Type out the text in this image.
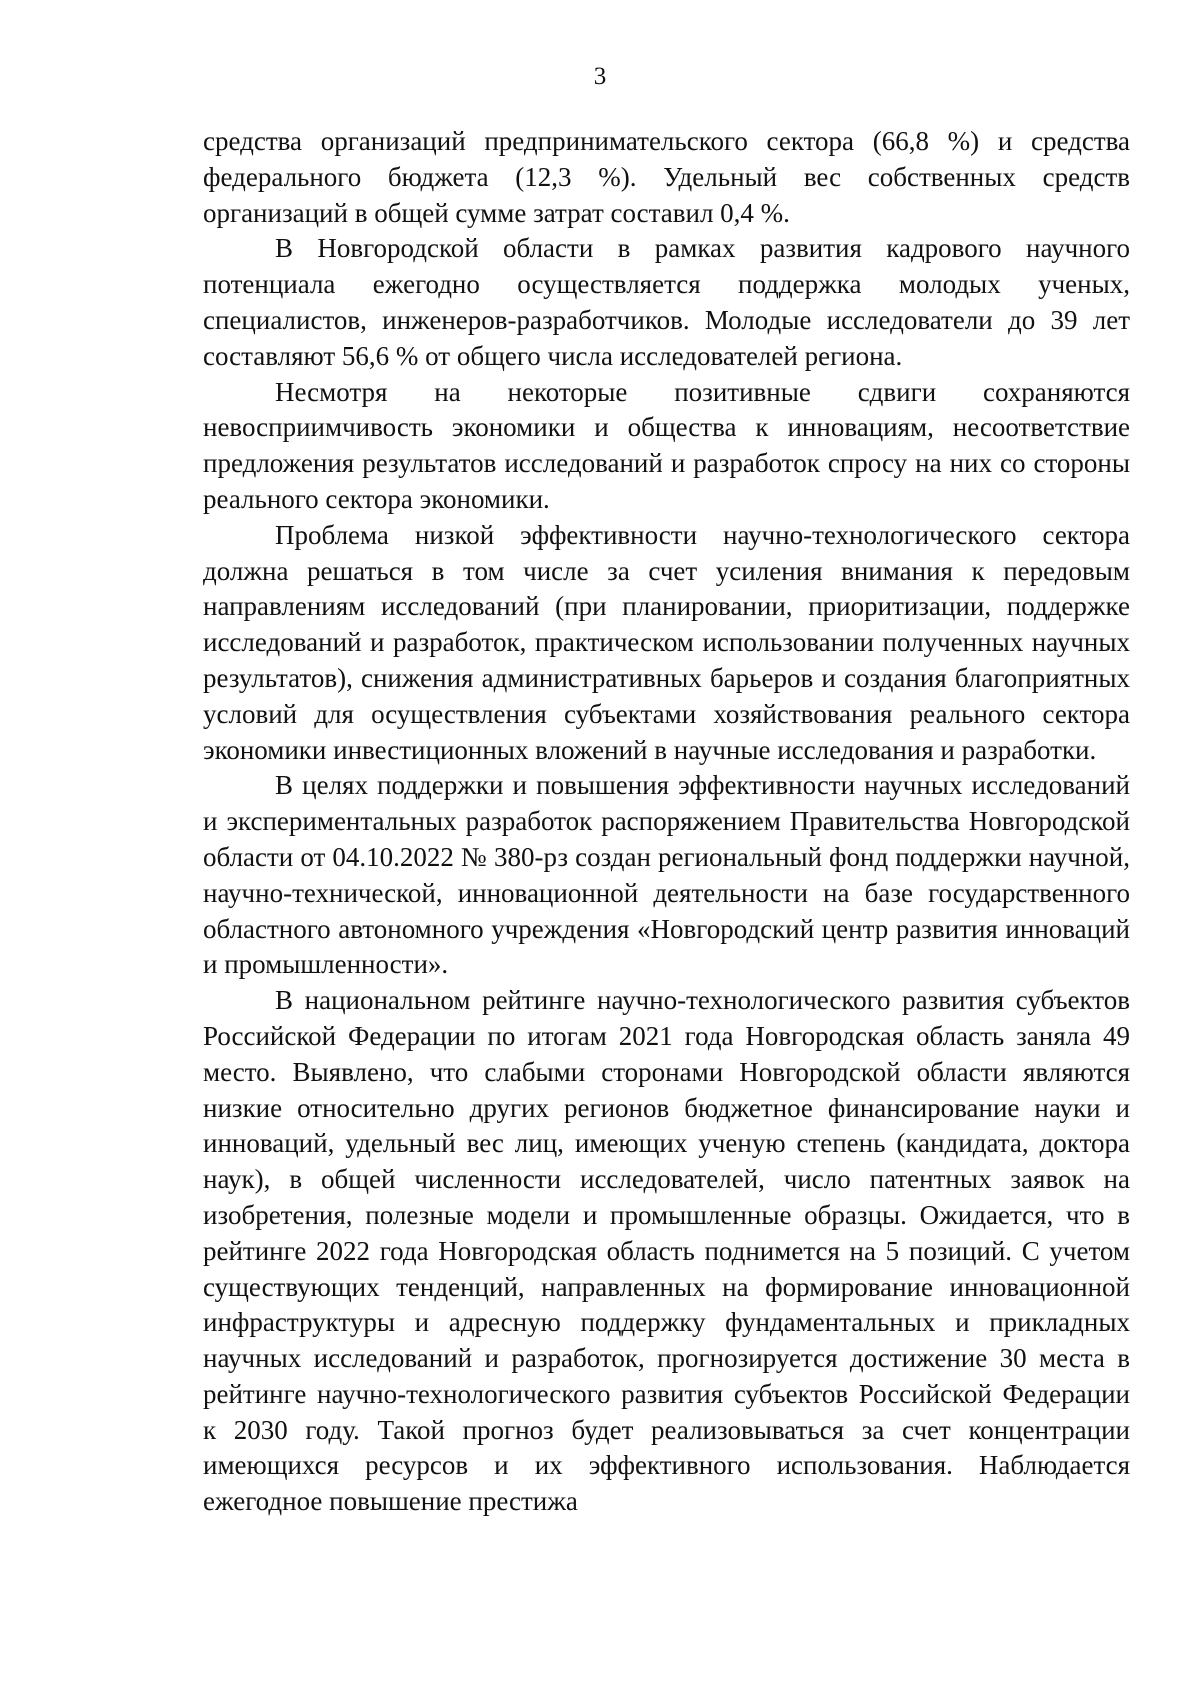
3

средства организаций предпринимательского сектора (66,8 %) и средства федерального бюджета (12,3 %). Удельный вес собственных средств организаций в общей сумме затрат составил 0,4 %.

В Новгородской области в рамках развития кадрового научного потенциала ежегодно осуществляется поддержка молодых ученых, специалистов, инженеров-разработчиков. Молодые исследователи до 39 лет составляют 56,6 % от общего числа исследователей региона.

Несмотря на некоторые позитивные сдвиги сохраняются невосприимчивость экономики и общества к инновациям, несоответствие предложения результатов исследований и разработок спросу на них со стороны реального сектора экономики.

Проблема низкой эффективности научно-технологического сектора должна решаться в том числе за счет усиления внимания к передовым направлениям исследований (при планировании, приоритизации, поддержке исследований и разработок, практическом использовании полученных научных результатов), снижения административных барьеров и создания благоприятных условий для осуществления субъектами хозяйствования реального сектора экономики инвестиционных вложений в научные исследования и разработки.

В целях поддержки и повышения эффективности научных исследований и экспериментальных разработок распоряжением Правительства Новгородской области от 04.10.2022 № 380-рз создан региональный фонд поддержки научной, научно-технической, инновационной деятельности на базе государственного областного автономного учреждения «Новгородский центр развития инноваций и промышленности».

В национальном рейтинге научно-технологического развития субъектов Российской Федерации по итогам 2021 года Новгородская область заняла 49 место. Выявлено, что слабыми сторонами Новгородской области являются низкие относительно других регионов бюджетное финансирование науки и инноваций, удельный вес лиц, имеющих ученую степень (кандидата, доктора наук), в общей численности исследователей, число патентных заявок на изобретения, полезные модели и промышленные образцы. Ожидается, что в рейтинге 2022 года Новгородская область поднимется на 5 позиций. С учетом существующих тенденций, направленных на формирование инновационной инфраструктуры и адресную поддержку фундаментальных и прикладных научных исследований и разработок, прогнозируется достижение 30 места в рейтинге научно-технологического развития субъектов Российской Федерации к 2030 году. Такой прогноз будет реализовываться за счет концентрации имеющихся ресурсов и их эффективного использования. Наблюдается ежегодное повышение престижа
